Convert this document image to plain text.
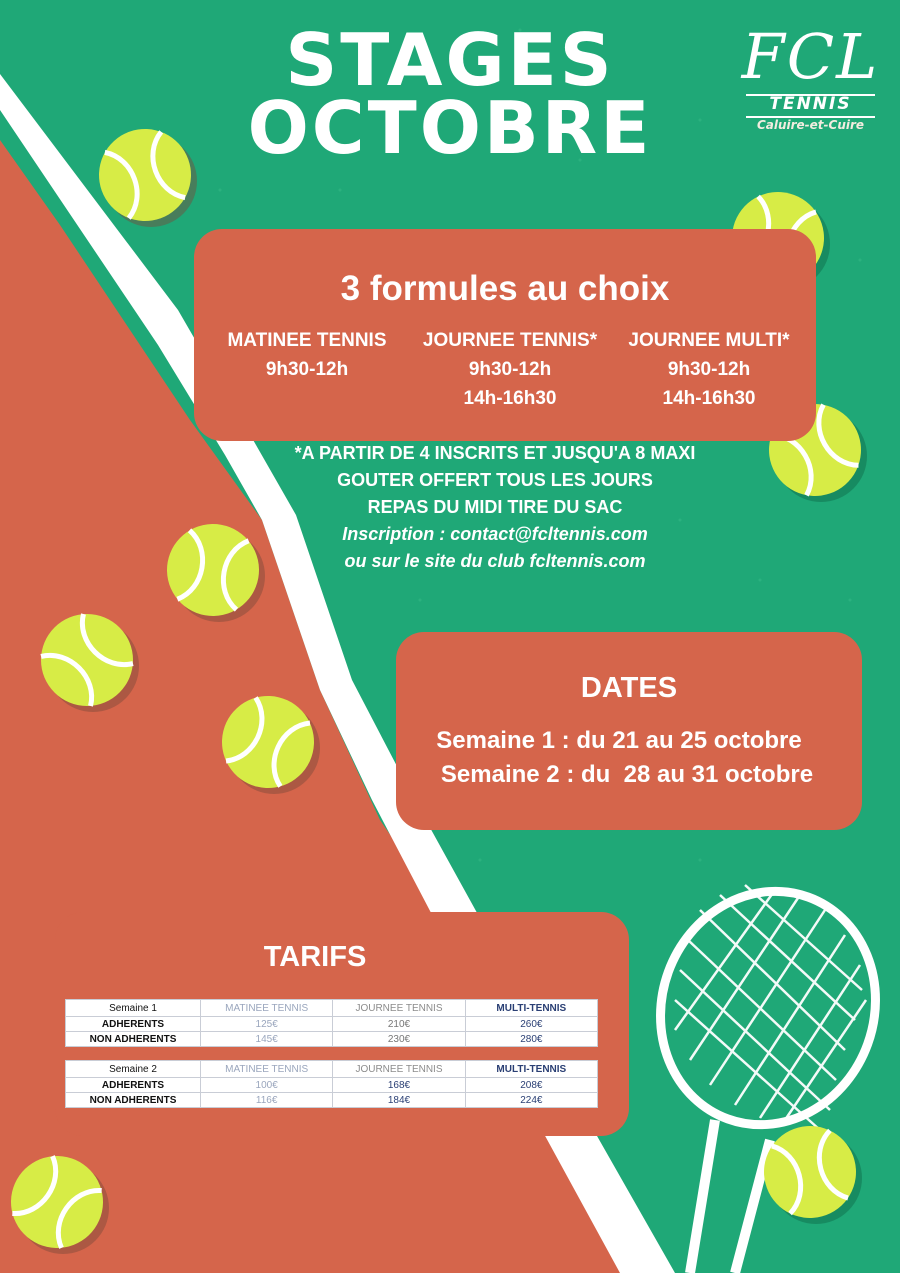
STAGES
OCTOBRE
FCL
TENNIS
Caluire-et-Cuire
3 formules au choix
MATINEE TENNIS
9h30-12h
JOURNEE TENNIS*
9h30-12h
14h-16h30
JOURNEE MULTI*
9h30-12h
14h-16h30
*A PARTIR DE 4 INSCRITS ET JUSQU'A 8 MAXI
GOUTER OFFERT TOUS LES JOURS
REPAS DU MIDI TIRE DU SAC
Inscription : contact@fcltennis.com
ou sur le site du club fcltennis.com
DATES
Semaine 1 : du 21 au 25 octobre
Semaine 2 : du  28 au 31 octobre
TARIFS
Semaine 1	MATINEE TENNIS	JOURNEE TENNIS	MULTI-TENNIS
ADHERENTS	125€	210€	260€
NON ADHERENTS	145€	230€	280€
Semaine 2	MATINEE TENNIS	JOURNEE TENNIS	MULTI-TENNIS
ADHERENTS	100€	168€	208€
NON ADHERENTS	116€	184€	224€
